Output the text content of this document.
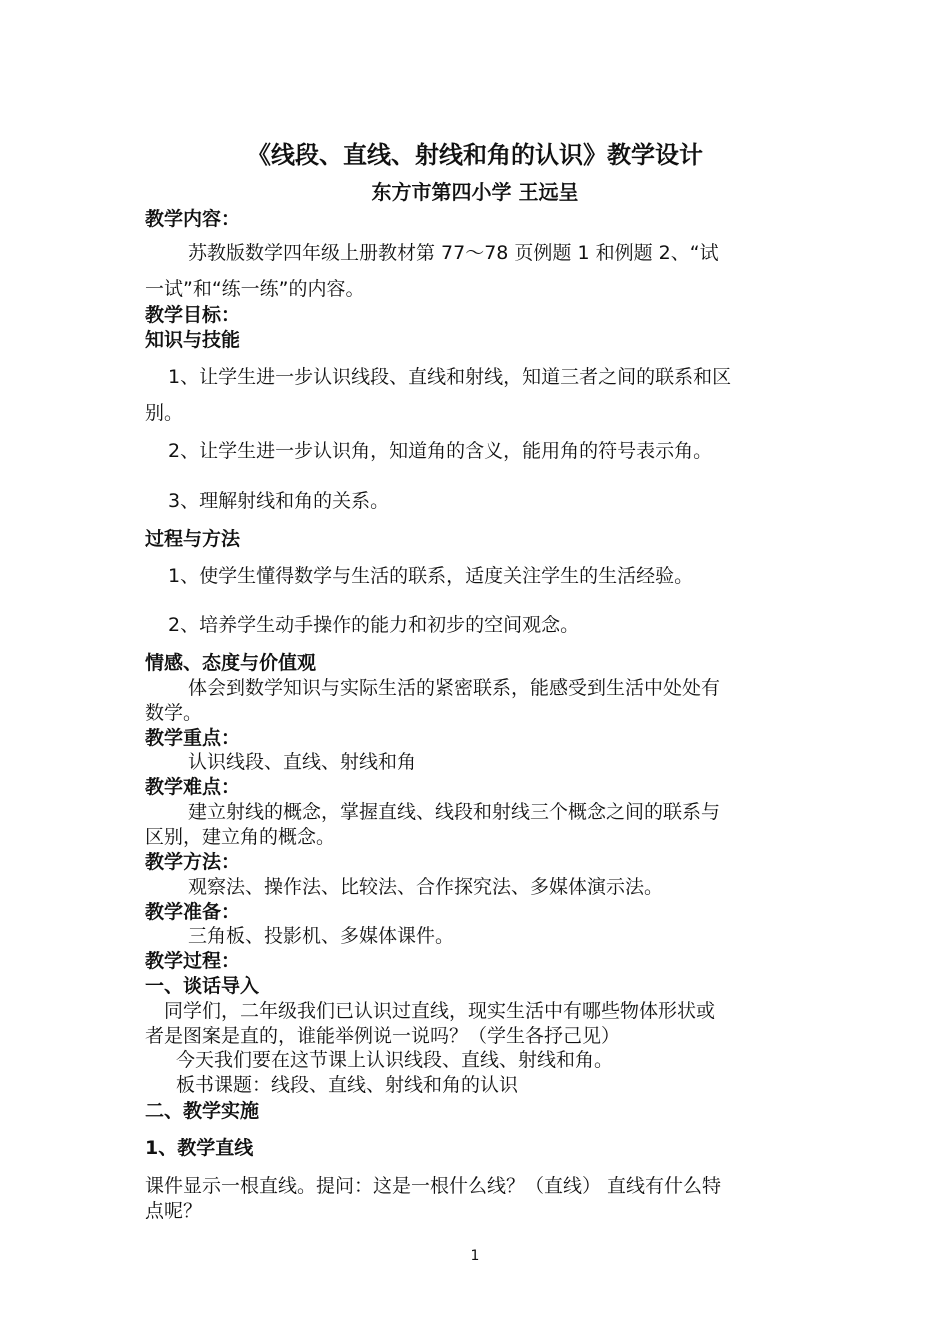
《线段、直线、射线和角的认识》教学设计
东方市第四小学 王远呈
教学内容：
苏教版数学四年级上册教材第 77～78 页例题 1 和例题 2、“试
一试”和“练一练”的内容。
教学目标：
知识与技能
1、让学生进一步认识线段、直线和射线，知道三者之间的联系和区
别。
2、让学生进一步认识角，知道角的含义，能用角的符号表示角。
3、理解射线和角的关系。
过程与方法
1、使学生懂得数学与生活的联系，适度关注学生的生活经验。
2、培养学生动手操作的能力和初步的空间观念。
情感、态度与价值观
体会到数学知识与实际生活的紧密联系，能感受到生活中处处有
数学。
教学重点：
认识线段、直线、射线和角
教学难点：
建立射线的概念，掌握直线、线段和射线三个概念之间的联系与
区别，建立角的概念。
教学方法：
观察法、操作法、比较法、合作探究法、多媒体演示法。
教学准备：
三角板、投影机、多媒体课件。
教学过程：
一、谈话导入
同学们，二年级我们已认识过直线，现实生活中有哪些物体形状或
者是图案是直的，谁能举例说一说吗？（学生各抒己见）
今天我们要在这节课上认识线段、直线、射线和角。
板书课题：线段、直线、射线和角的认识
二、教学实施
1、教学直线
课件显示一根直线。提问：这是一根什么线？（直线） 直线有什么特
点呢？
1
